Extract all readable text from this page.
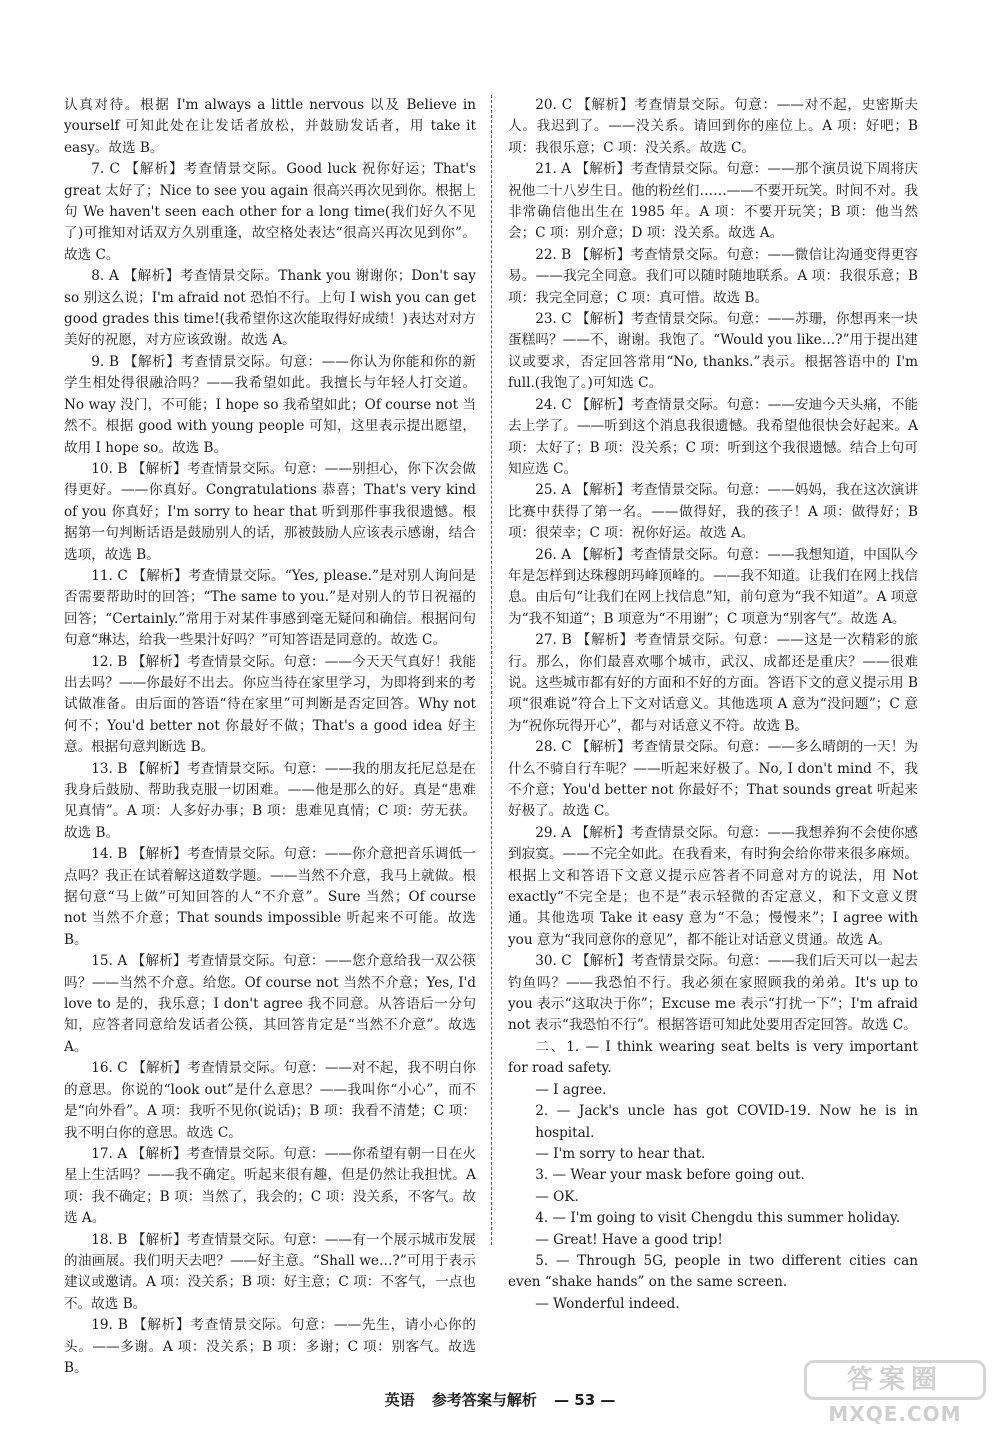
认真对待。根据 I'm always a little nervous 以及 Believe in yourself 可知此处在让发话者放松，并鼓励发话者，用 take it easy。故选 B。

7. C 【解析】考查情景交际。Good luck 祝你好运；That's great 太好了；Nice to see you again 很高兴再次见到你。根据上句 We haven't seen each other for a long time(我们好久不见了)可推知对话双方久别重逢，故空格处表达“很高兴再次见到你”。故选 C。

8. A 【解析】考查情景交际。Thank you 谢谢你；Don't say so 别这么说；I'm afraid not 恐怕不行。上句 I wish you can get good grades this time!(我希望你这次能取得好成绩！)表达对对方美好的祝愿，对方应该致谢。故选 A。

9. B 【解析】考查情景交际。句意：——你认为你能和你的新学生相处得很融洽吗？——我希望如此。我擅长与年轻人打交道。No way 没门，不可能；I hope so 我希望如此；Of course not 当然不。根据 good with young people 可知，这里表示提出愿望，故用 I hope so。故选 B。

10. B 【解析】考查情景交际。句意：——别担心，你下次会做得更好。——你真好。Congratulations 恭喜；That's very kind of you 你真好；I'm sorry to hear that 听到那件事我很遗憾。根据第一句判断话语是鼓励别人的话，那被鼓励人应该表示感谢，结合选项，故选 B。

11. C 【解析】考查情景交际。“Yes, please.”是对别人询问是否需要帮助时的回答；“The same to you.”是对别人的节日祝福的回答；“Certainly.”常用于对某件事感到毫无疑问和确信。根据问句句意“琳达，给我一些果汁好吗？”可知答语是同意的。故选 C。

12. B 【解析】考查情景交际。句意：——今天天气真好！我能出去吗？——你最好不出去。你应当待在家里学习，为即将到来的考试做准备。由后面的答语“待在家里”可判断是否定回答。Why not 何不；You'd better not 你最好不做；That's a good idea 好主意。根据句意判断选 B。

13. B 【解析】考查情景交际。句意：——我的朋友托尼总是在我身后鼓励、帮助我克服一切困难。——他是那么的好。真是“患难见真情”。A 项：人多好办事；B 项：患难见真情；C 项：劳无获。故选 B。

14. B 【解析】考查情景交际。句意：——你介意把音乐调低一点吗？我正在试着解这道数学题。——当然不介意，我马上就做。根据句意“马上做”可知回答的人“不介意”。Sure 当然；Of course not 当然不介意；That sounds impossible 听起来不可能。故选 B。

15. A 【解析】考查情景交际。句意：——您介意给我一双公筷吗？——当然不介意。给您。Of course not 当然不介意；Yes, I'd love to 是的，我乐意；I don't agree 我不同意。从答语后一分句知，应答者同意给发话者公筷，其回答肯定是“当然不介意”。故选 A。

16. C 【解析】考查情景交际。句意：——对不起，我不明白你的意思。你说的“look out”是什么意思？——我叫你“小心”，而不是“向外看”。A 项：我听不见你(说话)；B 项：我看不清楚；C 项：我不明白你的意思。故选 C。

17. A 【解析】考查情景交际。句意：——你希望有朝一日在火星上生活吗？——我不确定。听起来很有趣，但是仍然让我担忧。A 项：我不确定；B 项：当然了，我会的；C 项：没关系，不客气。故选 A。

18. B 【解析】考查情景交际。句意：——有一个展示城市发展的油画展。我们明天去吧？——好主意。“Shall we…?”可用于表示建议或邀请。A 项：没关系；B 项：好主意；C 项：不客气，一点也不。故选 B。

19. B 【解析】考查情景交际。句意：——先生，请小心你的头。——多谢。A 项：没关系；B 项：多谢；C 项：别客气。故选 B。

20. C 【解析】考查情景交际。句意：——对不起，史密斯夫人。我迟到了。——没关系。请回到你的座位上。A 项：好吧；B 项：我很乐意；C 项：没关系。故选 C。

21. A 【解析】考查情景交际。句意：——那个演员说下周将庆祝他二十八岁生日。他的粉丝们……——不要开玩笑。时间不对。我非常确信他出生在 1985 年。A 项：不要开玩笑；B 项：他当然会；C 项：别介意；D 项：没关系。故选 A。

22. B 【解析】考查情景交际。句意：——微信让沟通变得更容易。——我完全同意。我们可以随时随地联系。A 项：我很乐意；B 项：我完全同意；C 项：真可惜。故选 B。

23. C 【解析】考查情景交际。句意：——苏珊，你想再来一块蛋糕吗？——不，谢谢。我饱了。“Would you like…?”用于提出建议或要求，否定回答常用“No, thanks.”表示。根据答语中的 I'm full.(我饱了。)可知选 C。

24. C 【解析】考查情景交际。句意：——安迪今天头痛，不能去上学了。——听到这个消息我很遗憾。我希望他很快会好起来。A 项：太好了；B 项：没关系；C 项：听到这个我很遗憾。结合上句可知应选 C。

25. A 【解析】考查情景交际。句意：——妈妈，我在这次演讲比赛中获得了第一名。——做得好，我的孩子！A 项：做得好；B 项：很荣幸；C 项：祝你好运。故选 A。

26. A 【解析】考查情景交际。句意：——我想知道，中国队今年是怎样到达珠穆朗玛峰顶峰的。——我不知道。让我们在网上找信息。由后句“让我们在网上找信息”知，前句意为“我不知道”。A 项意为“我不知道”；B 项意为“不用谢”；C 项意为“别客气”。故选 A。

27. B 【解析】考查情景交际。句意：——这是一次精彩的旅行。那么，你们最喜欢哪个城市，武汉、成都还是重庆？——很难说。这些城市都有好的方面和不好的方面。答语下文的意义提示用 B 项“很难说”符合上下文对话意义。其他选项 A 意为“没问题”；C 意为“祝你玩得开心”，都与对话意义不符。故选 B。

28. C 【解析】考查情景交际。句意：——多么晴朗的一天！为什么不骑自行车呢？——听起来好极了。No, I don't mind 不，我不介意；You'd better not 你最好不；That sounds great 听起来好极了。故选 C。

29. A 【解析】考查情景交际。句意：——我想养狗不会使你感到寂寞。——不完全如此。在我看来，有时狗会给你带来很多麻烦。根据上文和答语下文意义提示应答者不同意对方的说法，用 Not exactly“不完全是；也不是”表示轻微的否定意义，和下文意义贯通。其他选项 Take it easy 意为“不急；慢慢来”；I agree with you 意为“我同意你的意见”，都不能让对话意义贯通。故选 A。

30. C 【解析】考查情景交际。句意：——我们后天可以一起去钓鱼吗？——我恐怕不行。我必须在家照顾我的弟弟。It's up to you 表示“这取决于你”；Excuse me 表示“打扰一下”；I'm afraid not 表示“我恐怕不行”。根据答语可知此处要用否定回答。故选 C。

二、1. — I think wearing seat belts is very important for road safety.

— I agree.

2. — Jack's uncle has got COVID-19. Now he is in hospital.

— I'm sorry to hear that.

3. — Wear your mask before going out.

— OK.

4. — I'm going to visit Chengdu this summer holiday.

— Great! Have a good trip!

5. — Through 5G, people in two different cities can even “shake hands” on the same screen.

— Wonderful indeed.

英语 参考答案与解析 — 53 —
答案圈
MXQE.COM
